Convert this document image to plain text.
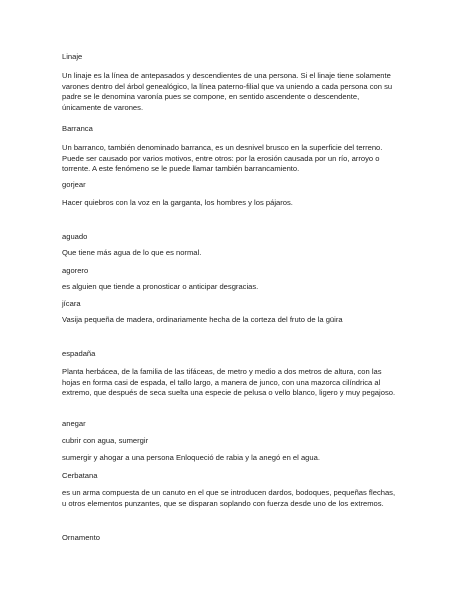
Linaje

Un linaje es la línea de antepasados y descendientes de una persona. Si el linaje tiene solamente varones dentro del árbol genealógico, la línea paterno-filial que va uniendo a cada persona con su padre se le denomina varonía pues se compone, en sentido ascendente o descendente, únicamente de varones.

Barranca

Un barranco, también denominado barranca, es un desnivel brusco en la superficie del terreno. Puede ser causado por varios motivos, entre otros: por la erosión causada por un río, arroyo o torrente. A este fenómeno se le puede llamar también barrancamiento.

gorjear

Hacer quiebros con la voz en la garganta, los hombres y los pájaros.

aguado

Que tiene más agua de lo que es normal.

agorero

es alguien que tiende a pronosticar o anticipar desgracias.

jícara

Vasija pequeña de madera, ordinariamente hecha de la corteza del fruto de la güira

espadaña

Planta herbácea, de la familia de las tifáceas, de metro y medio a dos metros de altura, con las hojas en forma casi de espada, el tallo largo, a manera de junco, con una mazorca cilíndrica al extremo, que después de seca suelta una especie de pelusa o vello blanco, ligero y muy pegajoso.

anegar

cubrir con agua, sumergir

sumergir y ahogar a una persona Enloqueció de rabia y la anegó en el agua.

Cerbatana

es un arma compuesta de un canuto en el que se introducen dardos, bodoques, pequeñas flechas, u otros elementos punzantes, que se disparan soplando con fuerza desde uno de los extremos.

Ornamento
